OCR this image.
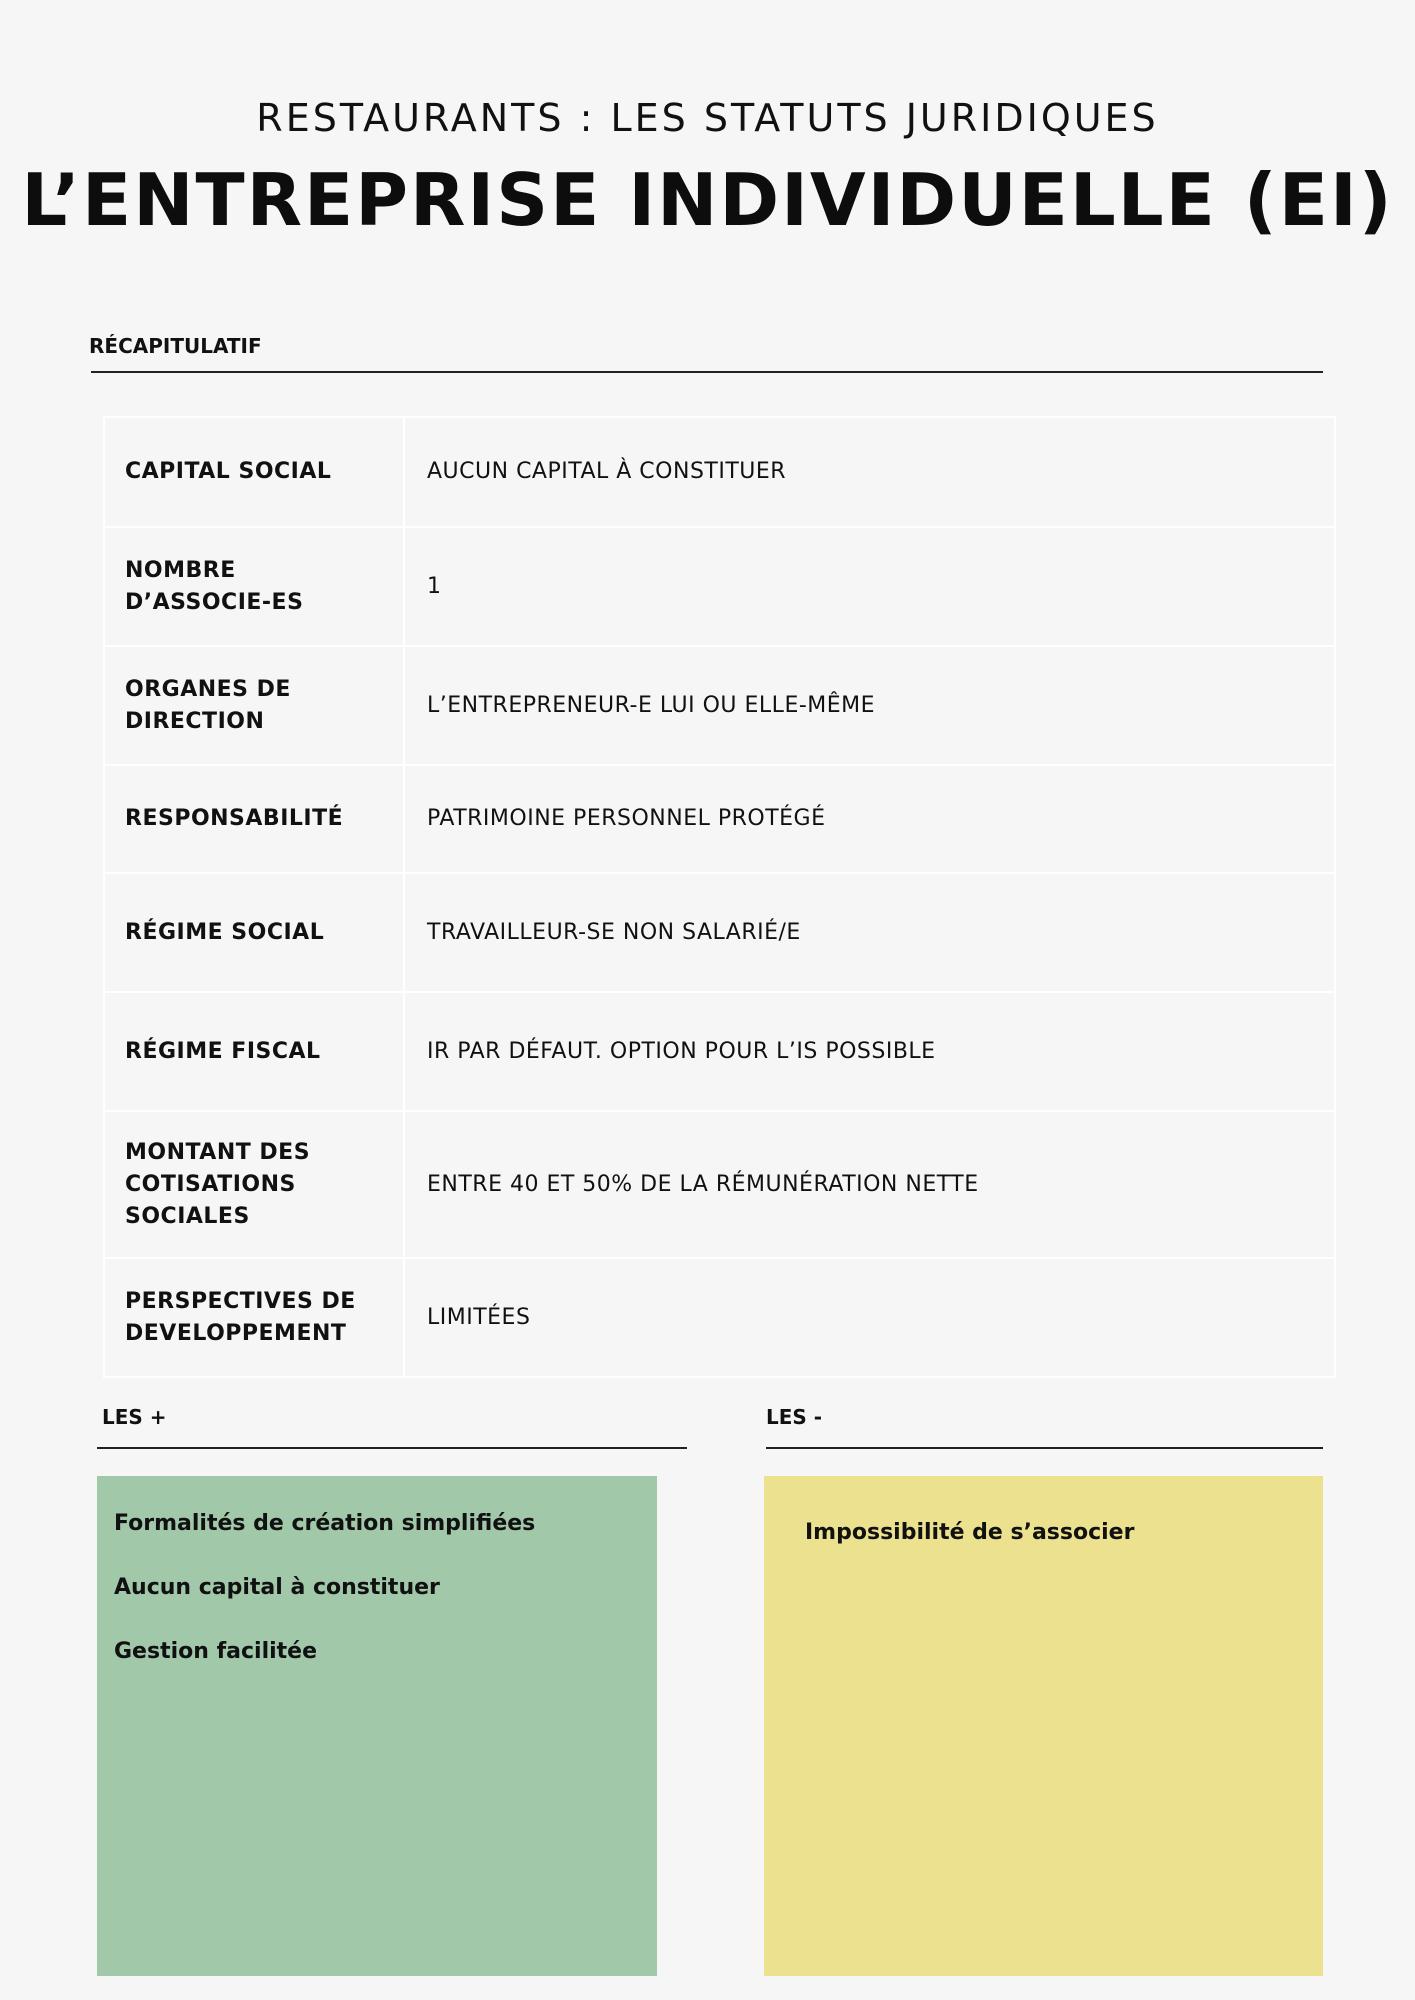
RESTAURANTS : LES STATUTS JURIDIQUES
L’ENTREPRISE INDIVIDUELLE (EI)
RÉCAPITULATIF
CAPITAL SOCIAL	AUCUN CAPITAL À CONSTITUER
NOMBRE D’ASSOCIE-ES	1
ORGANES DE DIRECTION	L’ENTREPRENEUR-E LUI OU ELLE-MÊME
RESPONSABILITÉ	PATRIMOINE PERSONNEL PROTÉGÉ
RÉGIME SOCIAL	TRAVAILLEUR-SE NON SALARIÉ/E
RÉGIME FISCAL	IR PAR DÉFAUT. OPTION POUR L’IS POSSIBLE
MONTANT DES COTISATIONS SOCIALES	ENTRE 40 ET 50% DE LA RÉMUNÉRATION NETTE
PERSPECTIVES DE DEVELOPPEMENT	LIMITÉES
LES +	LES -
Formalités de création simplifiées
Aucun capital à constituer
Gestion facilitée
Impossibilité de s’associer
